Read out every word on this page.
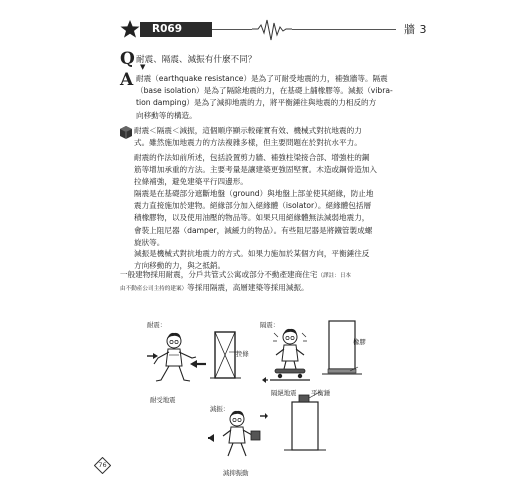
R069	牆 3
Q 耐震、隔震、減振有什麼不同？
▼
A 耐震（earthquake resistance）是為了可耐受地震的力，補強牆等。隔震
（base isolation）是為了隔除地震的力，在基礎上舖橡膠等。減振（vibra-
tion damping）是為了減抑地震的力，將平衡錘往與地震的力相反的方
向移動等的構造。
耐震＜隔震＜減振，這個順序顯示較確實有效、機械式對抗地震的力
式。雖然施加地震力的方法複雜多樣，但主要問題在於對抗水平力。
耐震的作法如前所述，包括設置剪力牆、補強柱梁接合部、增強柱的鋼
筋等增加承重的方法。主要考量是讓建築更強固堅實。木造或鋼骨造加入
拉條補強，避免建築平行四邊形。
隔震是在基礎部分遮斷地盤（ground）與地盤上部並使其絕緣，防止地
震力直接施加於建物。絕緣部分加入絕緣體（isolator）。絕緣體包括層
積橡膠物，以及使用油壓的物品等。如果只用絕緣體無法減弱地震力，
會裝上阻尼器（damper，減緩力的物品）。有些阻尼器是將鐵管製成螺
旋狀等。
減振是機械式對抗地震力的方式。如果力施加於某個方向，平衡錘往反
方向移動的力，與之抵銷。
一般建物採用耐震，分戶共管式公寓或部分不動產建商住宅（譯註：日本
由不動產公司主持的建案）等採用隔震，高層建築等採用減振。
耐震：
耐受地震
拉條
隔震：
隔絕地震
橡膠
減振：
減抑振動
平衡錘
76
